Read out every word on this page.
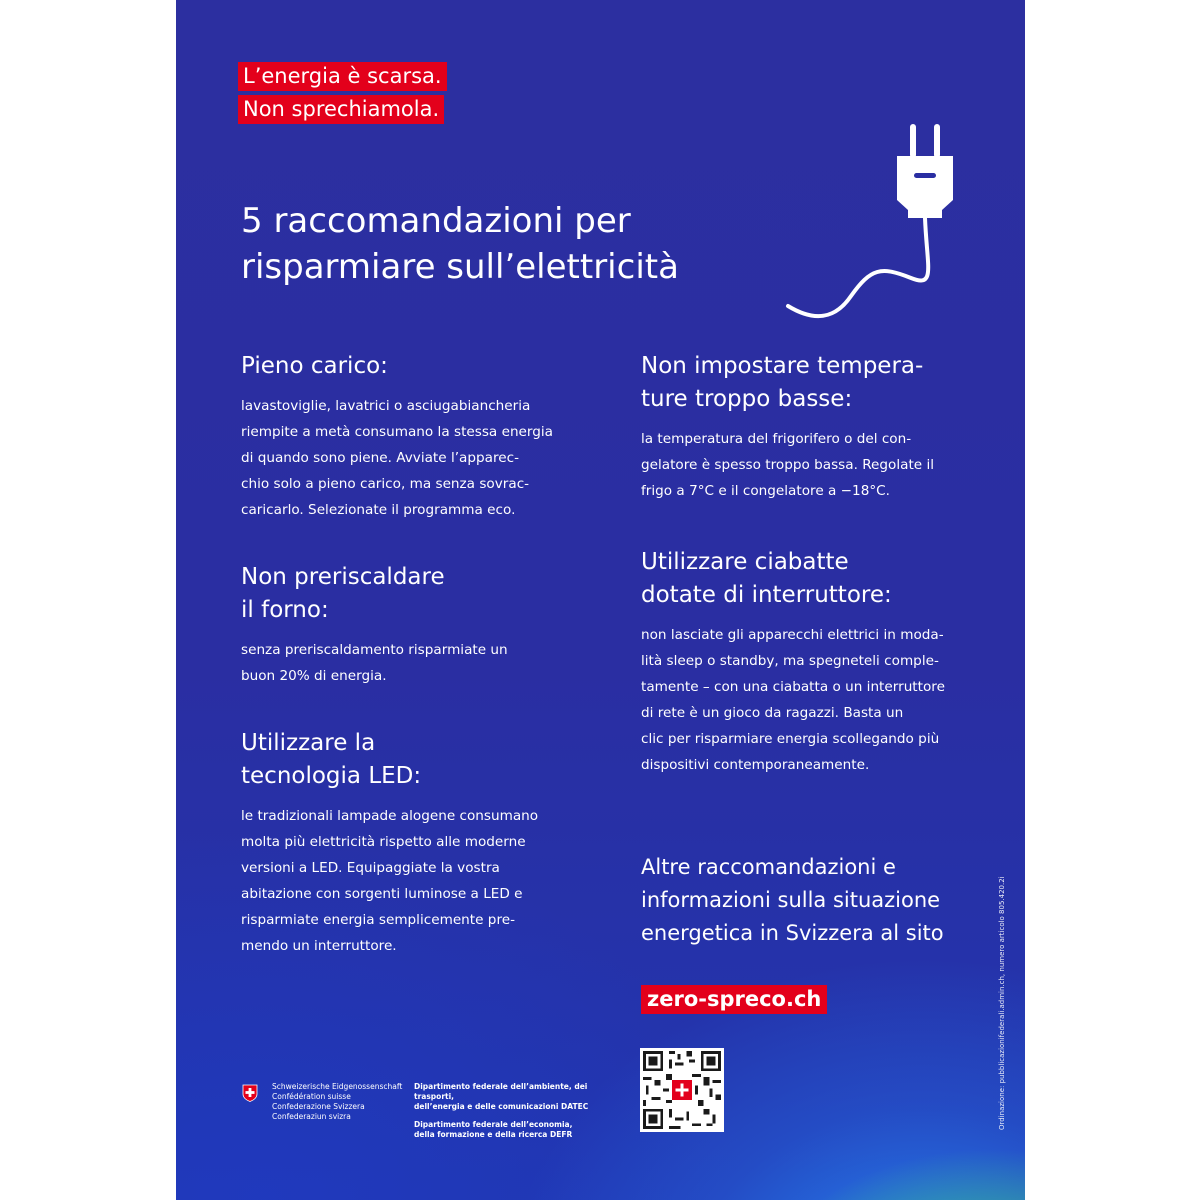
L’energia è scarsa.
Non sprechiamola.
5 raccomandazioni per risparmiare sull’elettricità
Pieno carico:

lavastoviglie, lavatrici o asciugabiancheria
riempite a metà consumano la stessa energia
di quando sono piene. Avviate l’apparec-
chio solo a pieno carico, ma senza sovrac-
caricarlo. Selezionate il programma eco.

Non preriscaldare
il forno:

senza preriscaldamento risparmiate un
buon 20% di energia.

Utilizzare la
tecnologia LED:

le tradizionali lampade alogene consumano
molta più elettricità rispetto alle moderne
versioni a LED. Equipaggiate la vostra
abitazione con sorgenti luminose a LED e
risparmiate energia semplicemente pre-
mendo un interruttore.

Non impostare tempera-
ture troppo basse:

la temperatura del frigorifero o del con-
gelatore è spesso troppo bassa. Regolate il
frigo a 7°C e il congelatore a −18°C.

Utilizzare ciabatte
dotate di interruttore:

non lasciate gli apparecchi elettrici in moda-
lità sleep o standby, ma spegneteli comple-
tamente – con una ciabatta o un interruttore
di rete è un gioco da ragazzi. Basta un
clic per risparmiare energia scollegando più
dispositivi contemporaneamente.

Altre raccomandazioni e
informazioni sulla situazione
energetica in Svizzera al sito

zero-spreco.ch	Ordinazione: pubblicazionifederali.admin.ch, numero articolo 805.420.2i
Schweizerische Eidgenossenschaft
Confédération suisse
Confederazione Svizzera
Confederaziun svizra
Dipartimento federale dell’ambiente, dei trasporti,
dell’energia e delle comunicazioni DATEC
Dipartimento federale dell’economia,
della formazione e della ricerca DEFR
